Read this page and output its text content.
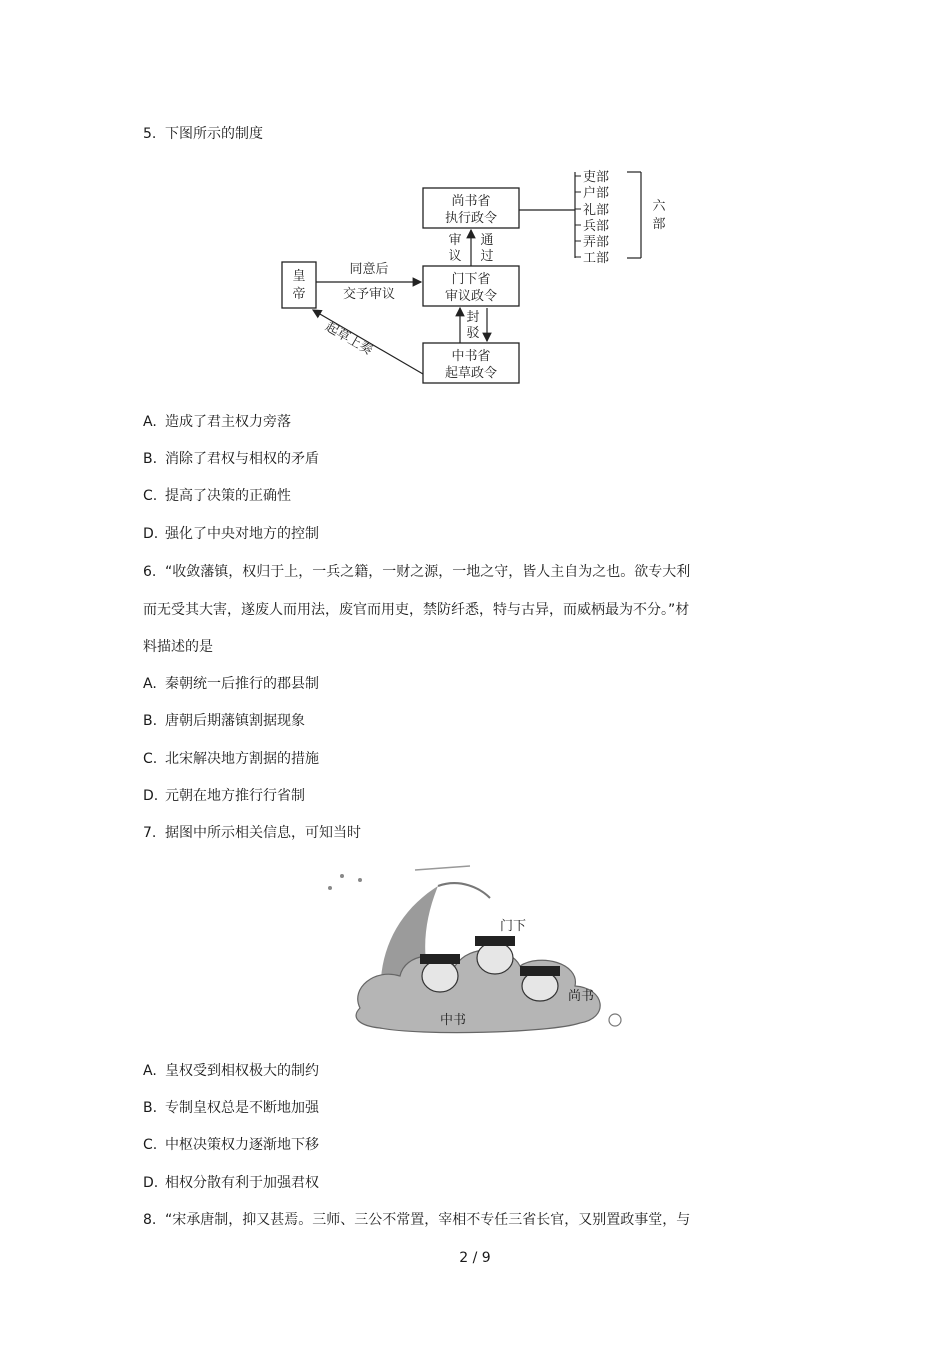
5. 下图所示的制度
皇
帝
尚书省
执行政令
门下省
审议政令
中书省
起草政令
同意后
交予审议
审
议
通
过
封
驳
起草上奏
吏部
户部
礼部
兵部
弄部
工部
六
部
A. 造成了君主权力旁落
B. 消除了君权与相权的矛盾
C. 提高了决策的正确性
D. 强化了中央对地方的控制
6. “收敛藩镇，权归于上，一兵之籍，一财之源，一地之守，皆人主自为之也。欲专大利
而无受其大害，遂废人而用法，废官而用吏，禁防纤悉，特与古异，而威柄最为不分。”材
料描述的是
A. 秦朝统一后推行的郡县制
B. 唐朝后期藩镇割据现象
C. 北宋解决地方割据的措施
D. 元朝在地方推行行省制
7. 据图中所示相关信息，可知当时
门下
中书
尚书
A. 皇权受到相权极大的制约
B. 专制皇权总是不断地加强
C. 中枢决策权力逐渐地下移
D. 相权分散有利于加强君权
8. “宋承唐制，抑又甚焉。三师、三公不常置，宰相不专任三省长官，又别置政事堂，与
2 / 9
